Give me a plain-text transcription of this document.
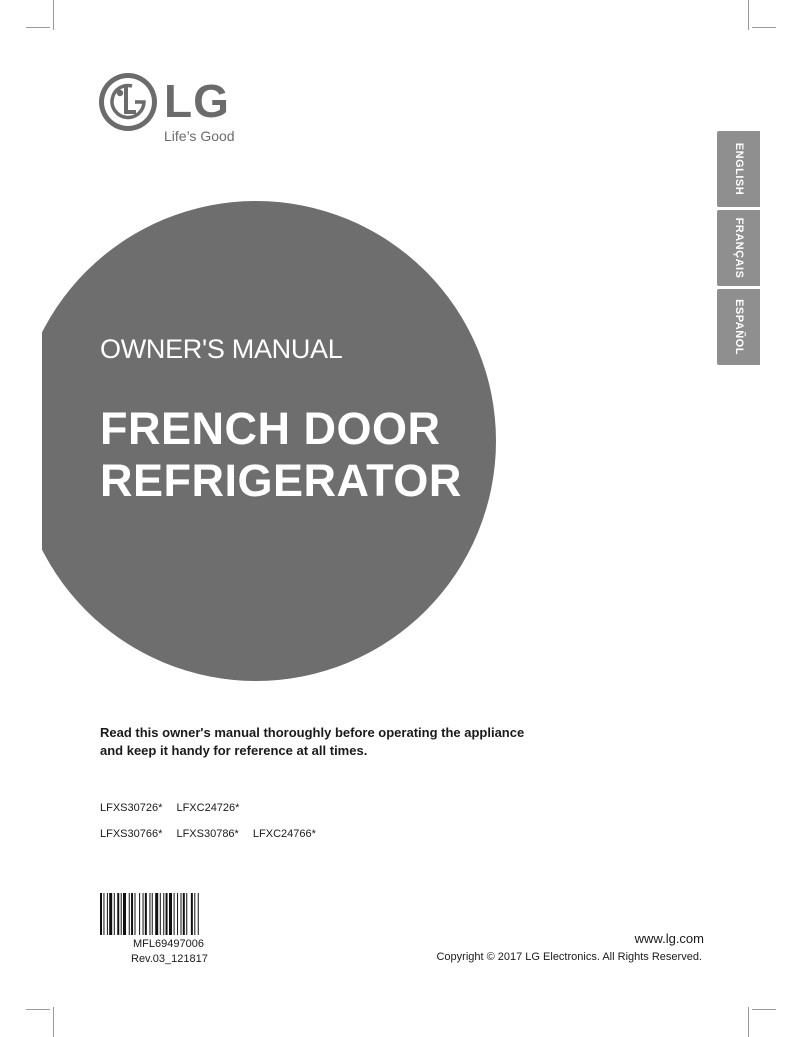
LG
Life’s Good
OWNER'S MANUAL
FRENCH DOOR
REFRIGERATOR
ENGLISH
FRANÇAIS
ESPAÑOL
Read this owner's manual thoroughly before operating the appliance
and keep it handy for reference at all times.
LFXS30726* LFXC24726*
LFXS30766* LFXS30786* LFXC24766*
MFL69497006
Rev.03_121817
www.lg.com
Copyright © 2017 LG Electronics. All Rights Reserved.
